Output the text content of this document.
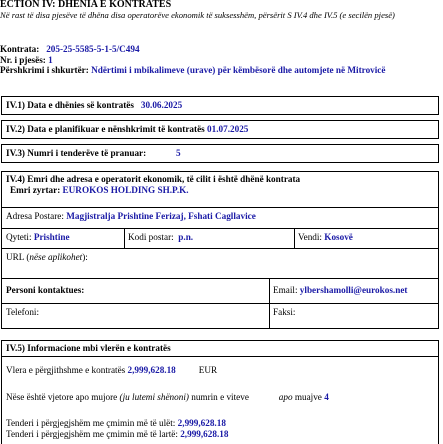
ECTION IV: DHËNIA E KONTRATËS
Në rast të disa pjesëve të dhëna disa operatorëve ekonomik të suksesshëm, përsërit S IV.4 dhe IV.5 (e secilën pjesë)
Kontrata: 205-25-5585-5-1-5/C494
Nr. i pjesës: 1
Përshkrimi i shkurtër: Ndërtimi i mbikalimeve (urave) për këmbësorë dhe automjete në Mitrovicë
IV.1) Data e dhënies së kontratës 30.06.2025
IV.2) Data e planifikuar e nënshkrimit të kontratës 01.07.2025
IV.3) Numri i tenderëve të pranuar:	5
IV.4) Emri dhe adresa e operatorit ekonomik, të cilit i është dhënë kontrata
Emri zyrtar: EUROKOS HOLDING SH.P.K.
Adresa Postare: Magjistralja Prishtine Ferizaj, Fshati Cagllavice
Qyteti: Prishtine	Kodi postar: p.n.	Vendi: Kosovë
URL (nëse aplikohet):
Personi kontaktues:	Email: ylbershamolli@eurokos.net
Telefoni:	Faksi:
IV.5) Informacione mbi vlerën e kontratës
Vlera e përgjithshme e kontratës 2,999,628.18 EUR
Nëse është vjetore apo mujore (ju lutemi shënoni) numrin e viteve	apo muajve 4
Tenderi i përgjegjshëm me çmimin më të ulët: 2,999,628.18
Tenderi i përgjegjshëm me çmimin më të lartë: 2,999,628.18
